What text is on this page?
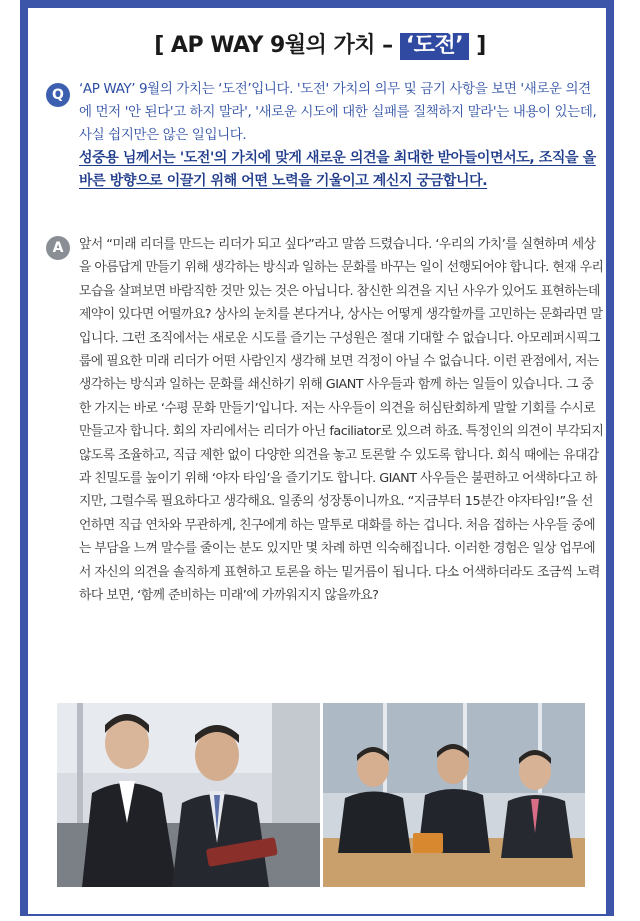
[ AP WAY 9월의 가치 – ‘도전’ ]
Q	‘AP WAY’ 9월의 가치는 ‘도전’입니다. '도전' 가치의 의무 및 금기 사항을 보면 '새로운 의견에 먼저 '안 된다'고 하지 말라', '새로운 시도에 대한 실패를 질책하지 말라'는 내용이 있는데, 사실 쉽지만은 않은 일입니다.
성중용 님께서는 '도전'의 가치에 맞게 새로운 의견을 최대한 받아들이면서도, 조직을 올바른 방향으로 이끌기 위해 어떤 노력을 기울이고 계신지 궁금합니다.
A	앞서 “미래 리더를 만드는 리더가 되고 싶다”라고 말씀 드렸습니다. ‘우리의 가치’를 실현하며 세상을 아름답게 만들기 위해 생각하는 방식과 일하는 문화를 바꾸는 일이 선행되어야 합니다. 현재 우리 모습을 살펴보면 바람직한 것만 있는 것은 아닙니다. 참신한 의견을 지닌 사우가 있어도 표현하는데 제약이 있다면 어떨까요? 상사의 눈치를 본다거나, 상사는 어떻게 생각할까를 고민하는 문화라면 말입니다. 그런 조직에서는 새로운 시도를 즐기는 구성원은 절대 기대할 수 없습니다. 아모레퍼시픽그룹에 필요한 미래 리더가 어떤 사람인지 생각해 보면 걱정이 아닐 수 없습니다. 이런 관점에서, 저는 생각하는 방식과 일하는 문화를 쇄신하기 위해 GIANT 사우들과 함께 하는 일들이 있습니다. 그 중 한 가지는 바로 ‘수평 문화 만들기’입니다. 저는 사우들이 의견을 허심탄회하게 말할 기회를 수시로 만들고자 합니다. 회의 자리에서는 리더가 아닌 faciliator로 있으려 하죠. 특정인의 의견이 부각되지 않도록 조율하고, 직급 제한 없이 다양한 의견을 놓고 토론할 수 있도록 합니다. 회식 때에는 유대감과 친밀도를 높이기 위해 ‘야자 타임’을 즐기기도 합니다. GIANT 사우들은 불편하고 어색하다고 하지만, 그럴수록 필요하다고 생각해요. 일종의 성장통이니까요. “지금부터 15분간 야자타임!”을 선언하면 직급 연차와 무관하게, 친구에게 하는 말투로 대화를 하는 겁니다. 처음 접하는 사우들 중에는 부담을 느껴 말수를 줄이는 분도 있지만 몇 차례 하면 익숙해집니다. 이러한 경험은 일상 업무에서 자신의 의견을 솔직하게 표현하고 토론을 하는 밑거름이 됩니다. 다소 어색하더라도 조금씩 노력하다 보면, ‘함께 준비하는 미래’에 가까워지지 않을까요?
